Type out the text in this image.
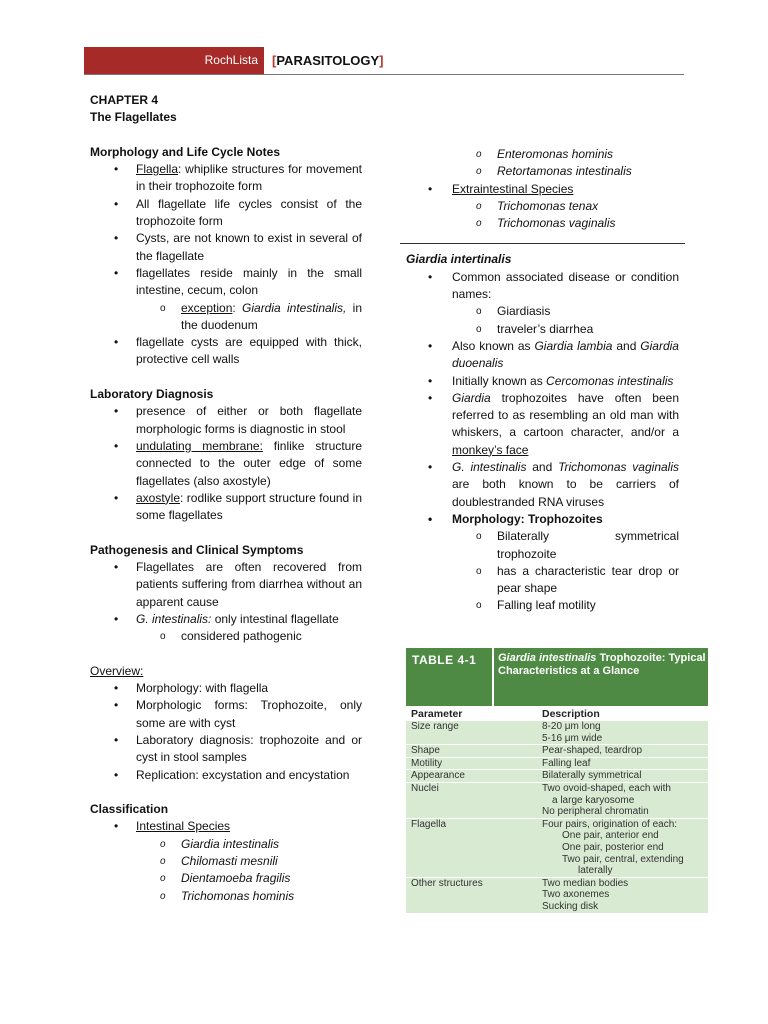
RochLista	[PARASITOLOGY]

CHAPTER 4

The Flagellates

Morphology and Life Cycle Notes

• Flagella: whiplike structures for movement in their trophozoite form
• All flagellate life cycles consist of the trophozoite form
• Cysts, are not known to exist in several of the flagellate
• flagellates reside mainly in the small intestine, cecum, colon
o exception: Giardia intestinalis, in the duodenum
• flagellate cysts are equipped with thick, protective cell walls

Laboratory Diagnosis

• presence of either or both flagellate morphologic forms is diagnostic in stool
• undulating membrane: finlike structure connected to the outer edge of some flagellates (also axostyle)
• axostyle: rodlike support structure found in some flagellates

Pathogenesis and Clinical Symptoms

• Flagellates are often recovered from patients suffering from diarrhea without an apparent cause
• G. intestinalis: only intestinal flagellate
o considered pathogenic

Overview:

• Morphology: with flagella
• Morphologic forms: Trophozoite, only some are with cyst
• Laboratory diagnosis: trophozoite and or cyst in stool samples
• Replication: excystation and encystation

Classification

• Intestinal Species
o Giardia intestinalis
o Chilomasti mesnili
o Dientamoeba fragilis
o Trichomonas hominis
o Enteromonas hominis
o Retortamonas intestinalis
• Extraintestinal Species
o Trichomonas tenax
o Trichomonas vaginalis

Giardia intertinalis

• Common associated disease or condition names:
o Giardiasis
o traveler’s diarrhea
• Also known as Giardia lambia and Giardia duoenalis
• Initially known as Cercomonas intestinalis
• Giardia trophozoites have often been referred to as resembling an old man with whiskers, a cartoon character, and/or a monkey’s face
• G. intestinalis and Trichomonas vaginalis are both known to be carriers of doublestranded RNA viruses
• Morphology: Trophozoites
o Bilaterally symmetrical trophozoite
o has a characteristic tear drop or pear shape
o Falling leaf motility
TABLE 4-1	Giardia intestinalis Trophozoite: Typical Characteristics at a Glance
Parameter	Description
Size range	8-20 μm long
5-16 μm wide
Shape	Pear-shaped, teardrop
Motility	Falling leaf
Appearance	Bilaterally symmetrical
Nuclei	Two ovoid-shaped, each with
a large karyosome
No peripheral chromatin
Flagella	Four pairs, origination of each:
One pair, anterior end
One pair, posterior end
Two pair, central, extending
laterally
Other structures	Two median bodies
Two axonemes
Sucking disk
